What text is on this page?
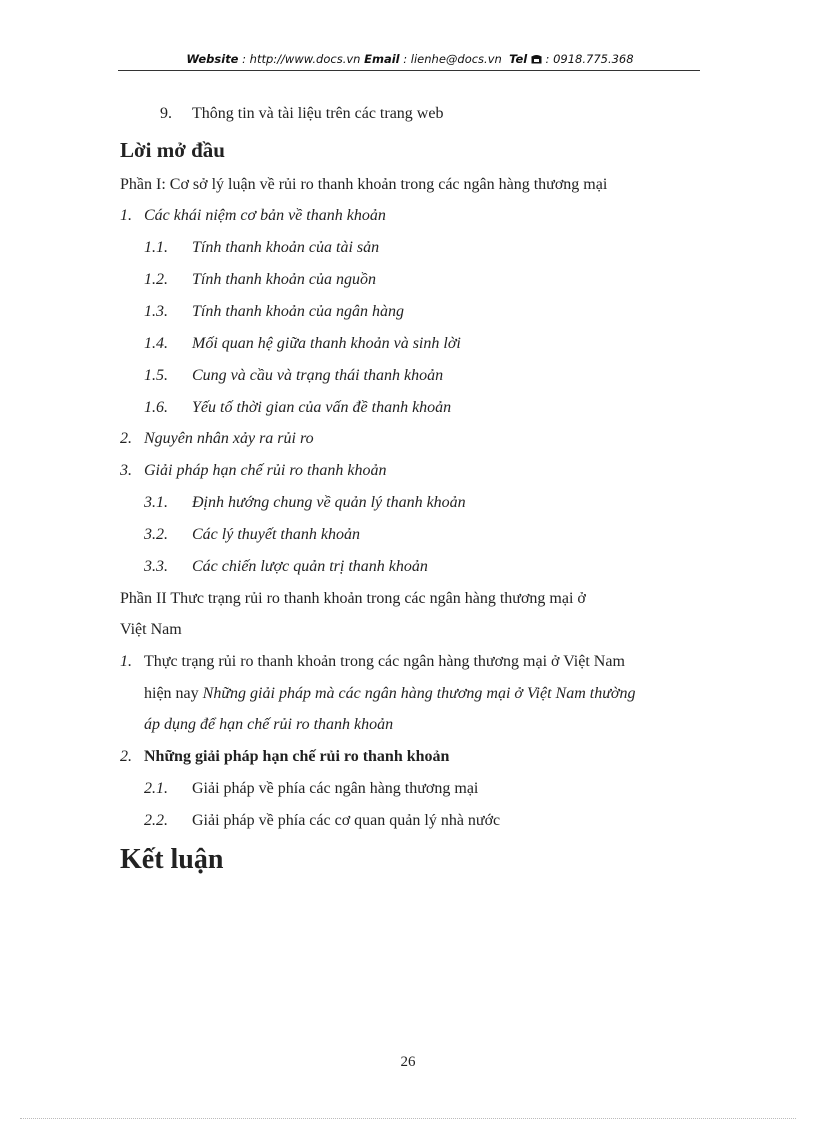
Website : http://www.docs.vn Email : lienhe@docs.vn Tel : 0918.775.368
9. Thông tin và tài liệu trên các trang web
Lời mở đầu
Phần I: Cơ sở lý luận về rủi ro thanh khoản trong các ngân hàng thương mại
1. Các khái niệm cơ bản về thanh khoản
1.1. Tính thanh khoản của tài sản
1.2. Tính thanh khoản của nguồn
1.3. Tính thanh khoản của ngân hàng
1.4. Mối quan hệ giữa thanh khoản và sinh lời
1.5. Cung và cầu và trạng thái thanh khoản
1.6. Yếu tố thời gian của vấn đề thanh khoản
2. Nguyên nhân xảy ra rủi ro
3. Giải pháp hạn chế rủi ro thanh khoản
3.1. Định hướng chung về quản lý thanh khoản
3.2. Các lý thuyết thanh khoản
3.3. Các chiến lược quản trị thanh khoản
Phần II Thưc trạng rủi ro thanh khoản trong các ngân hàng thương mại ở
Việt Nam
1. Thực trạng rủi ro thanh khoản trong các ngân hàng thương mại ở Việt Nam
hiện nay Những giải pháp mà các ngân hàng thương mại ở Việt Nam thường
áp dụng để hạn chế rủi ro thanh khoản
2. Những giải pháp hạn chế rủi ro thanh khoản
2.1. Giải pháp về phía các ngân hàng thương mại
2.2. Giải pháp về phía các cơ quan quản lý nhà nước
Kết luận
26
